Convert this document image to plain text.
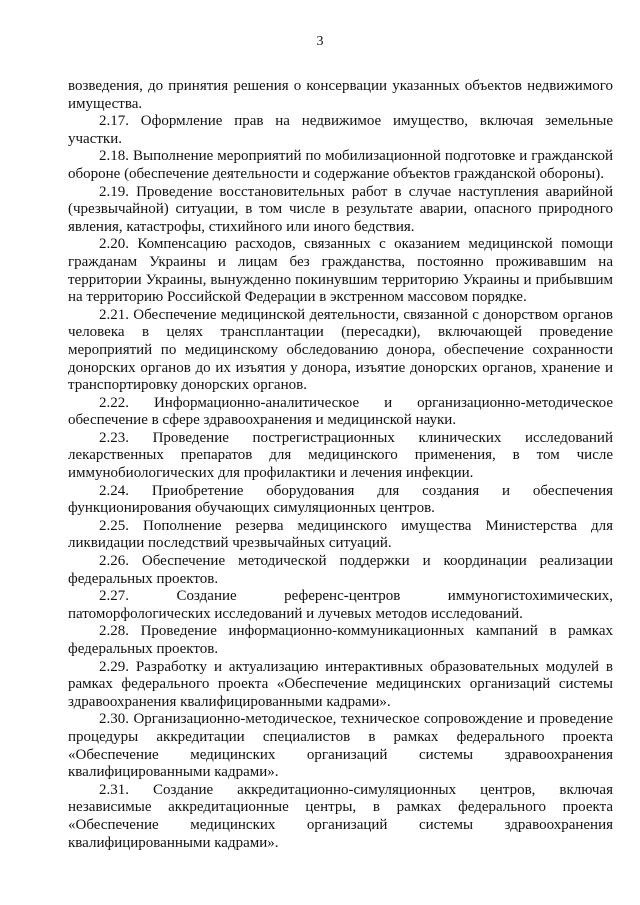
3

возведения, до принятия решения о консервации указанных объектов недвижимого имущества.

2.17. Оформление прав на недвижимое имущество, включая земельные участки.

2.18. Выполнение мероприятий по мобилизационной подготовке и гражданской обороне (обеспечение деятельности и содержание объектов гражданской обороны).

2.19. Проведение восстановительных работ в случае наступления аварийной (чрезвычайной) ситуации, в том числе в результате аварии, опасного природного явления, катастрофы, стихийного или иного бедствия.

2.20. Компенсацию расходов, связанных с оказанием медицинской помощи гражданам Украины и лицам без гражданства, постоянно проживавшим на территории Украины, вынужденно покинувшим территорию Украины и прибывшим на территорию Российской Федерации в экстренном массовом порядке.

2.21. Обеспечение медицинской деятельности, связанной с донорством органов человека в целях трансплантации (пересадки), включающей проведение мероприятий по медицинскому обследованию донора, обеспечение сохранности донорских органов до их изъятия у донора, изъятие донорских органов, хранение и транспортировку донорских органов.

2.22. Информационно-аналитическое и организационно-методическое обеспечение в сфере здравоохранения и медицинской науки.

2.23. Проведение пострегистрационных клинических исследований лекарственных препаратов для медицинского применения, в том числе иммунобиологических для профилактики и лечения инфекции.

2.24. Приобретение оборудования для создания и обеспечения функционирования обучающих симуляционных центров.

2.25. Пополнение резерва медицинского имущества Министерства для ликвидации последствий чрезвычайных ситуаций.

2.26. Обеспечение методической поддержки и координации реализации федеральных проектов.

2.27. Создание референс-центров иммуногистохимических, патоморфологических исследований и лучевых методов исследований.

2.28. Проведение информационно-коммуникационных кампаний в рамках федеральных проектов.

2.29. Разработку и актуализацию интерактивных образовательных модулей в рамках федерального проекта «Обеспечение медицинских организаций системы здравоохранения квалифицированными кадрами».

2.30. Организационно-методическое, техническое сопровождение и проведение процедуры аккредитации специалистов в рамках федерального проекта «Обеспечение медицинских организаций системы здравоохранения квалифицированными кадрами».

2.31. Создание аккредитационно-симуляционных центров, включая независимые аккредитационные центры, в рамках федерального проекта «Обеспечение медицинских организаций системы здравоохранения квалифицированными кадрами».
